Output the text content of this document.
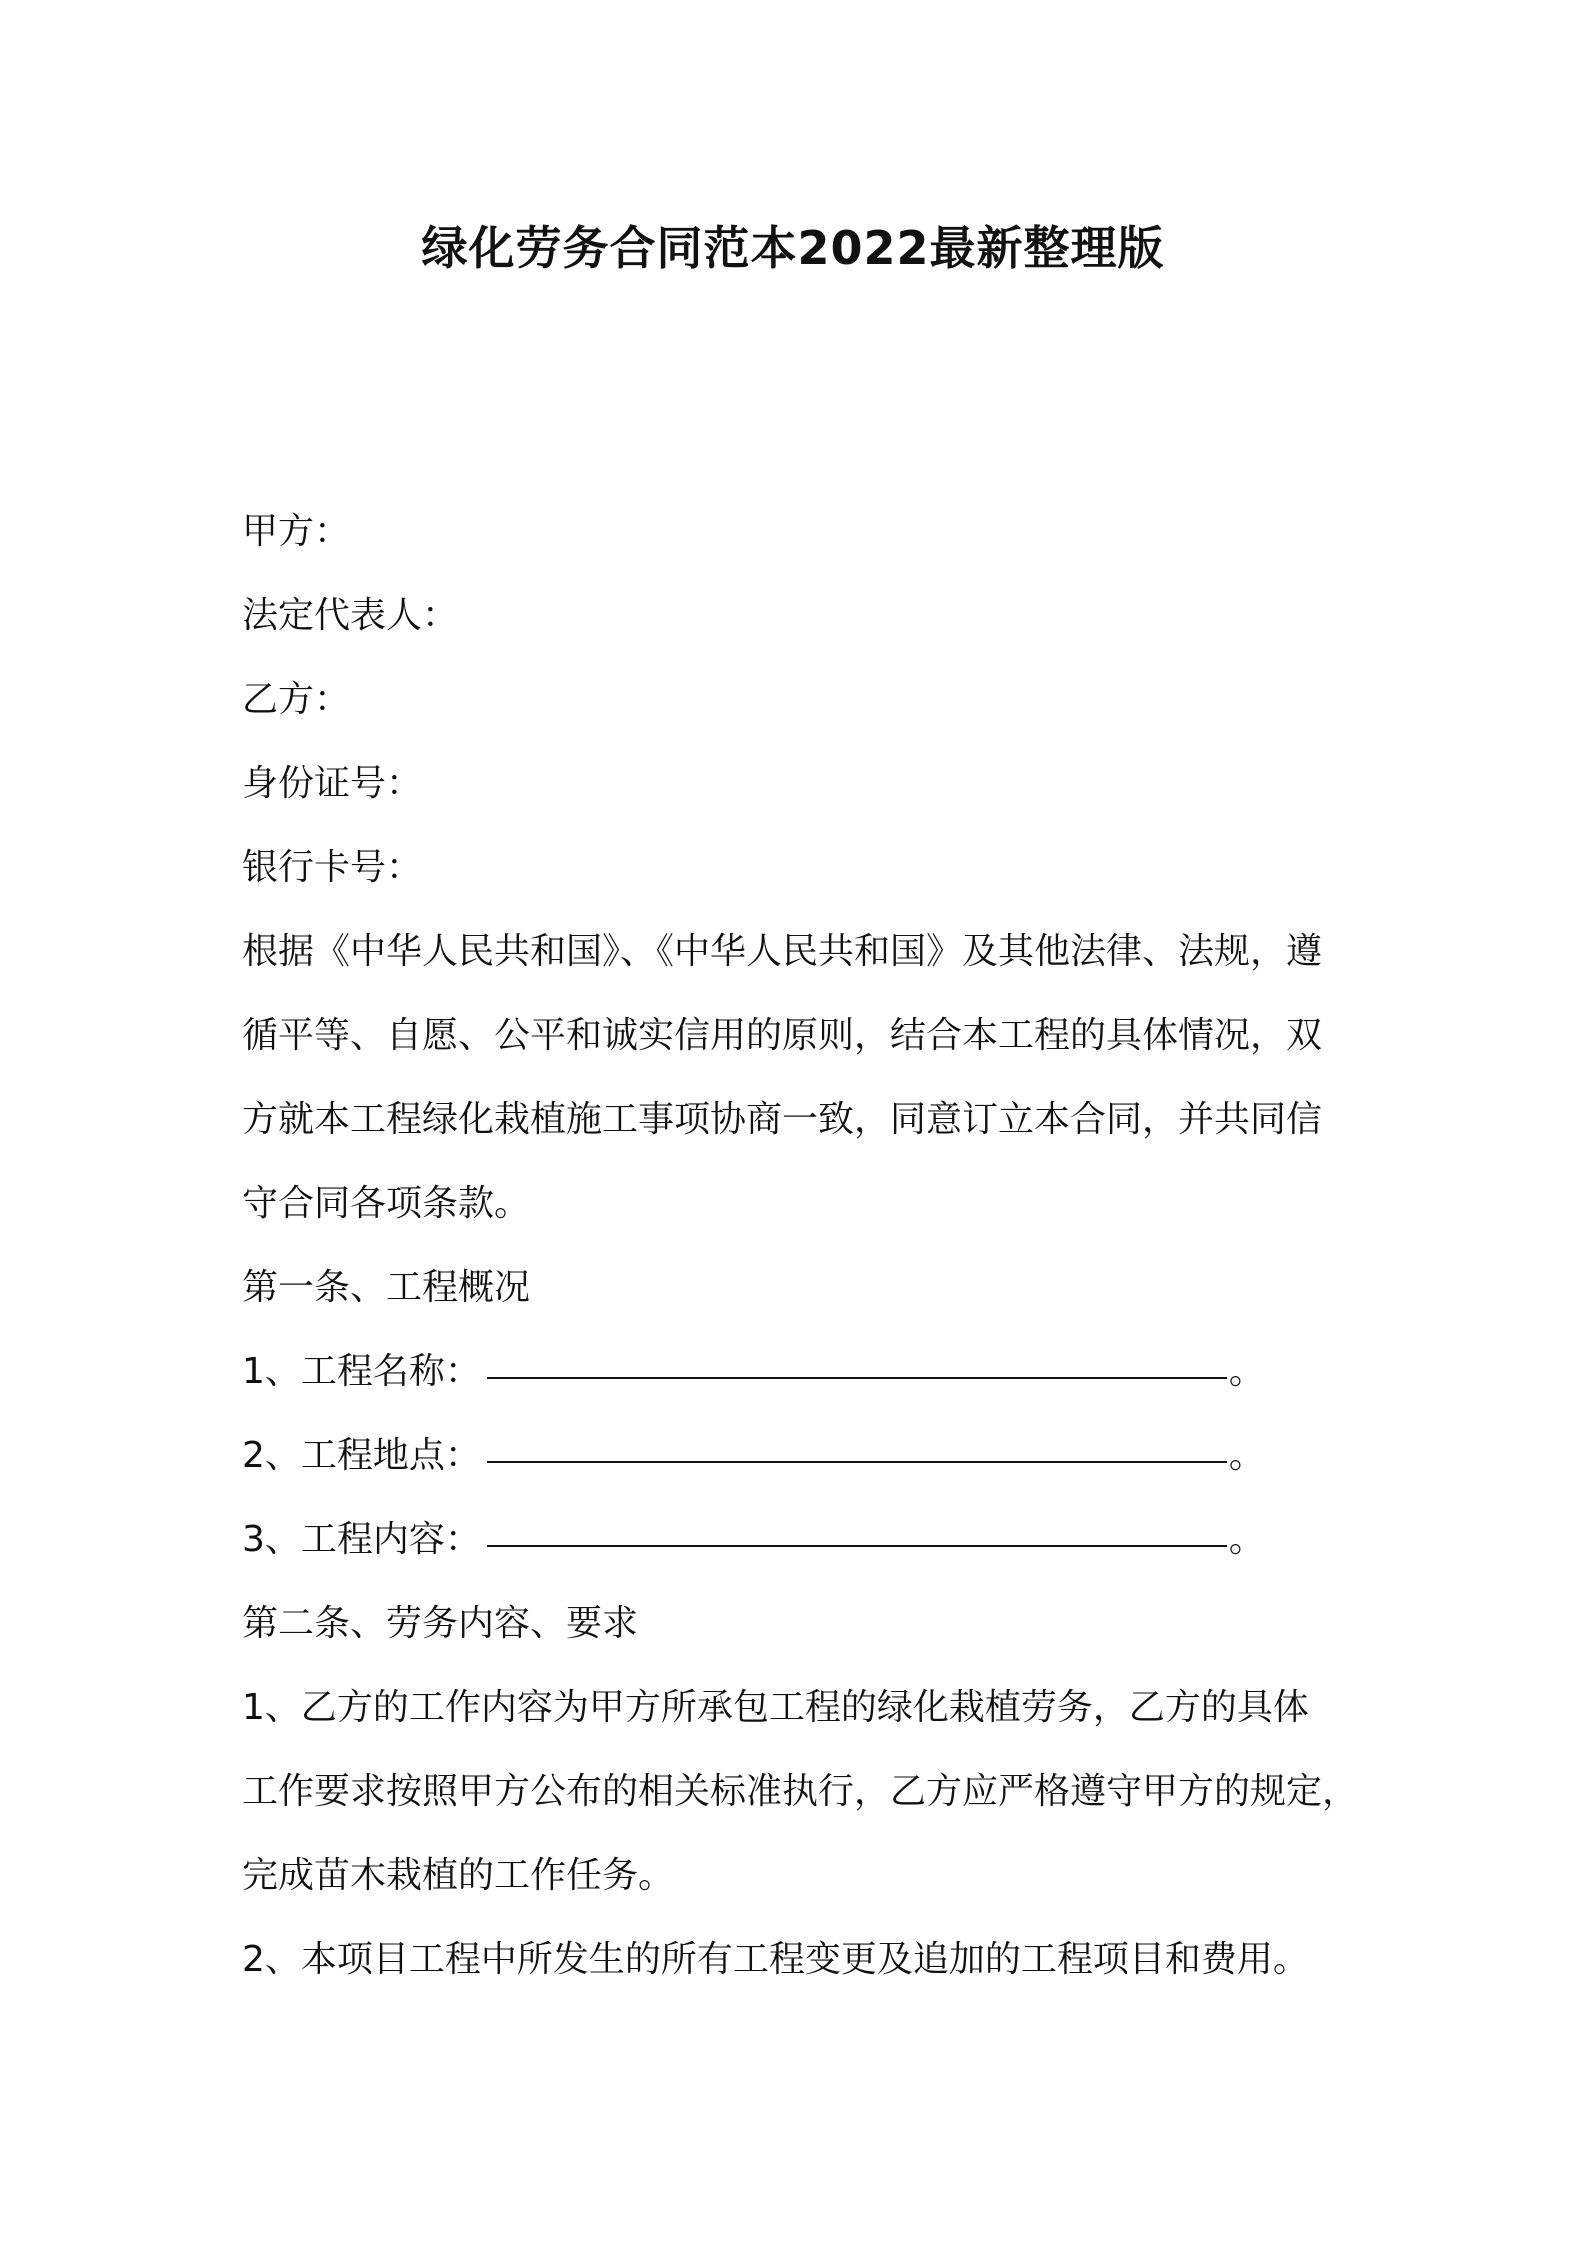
绿化劳务合同范本2022最新整理版
甲方：
法定代表人：
乙方：
身份证号：
银行卡号：
根据《中华人民共和国》、《中华人民共和国》及其他法律、法规，遵
循平等、自愿、公平和诚实信用的原则，结合本工程的具体情况，双
方就本工程绿化栽植施工事项协商一致，同意订立本合同，并共同信
守合同各项条款。
第一条、工程概况
1、工程名称：	。
2、工程地点：	。
3、工程内容：	。
第二条、劳务内容、要求
1、乙方的工作内容为甲方所承包工程的绿化栽植劳务，乙方的具体
工作要求按照甲方公布的相关标准执行，乙方应严格遵守甲方的规定，
完成苗木栽植的工作任务。
2、本项目工程中所发生的所有工程变更及追加的工程项目和费用。
